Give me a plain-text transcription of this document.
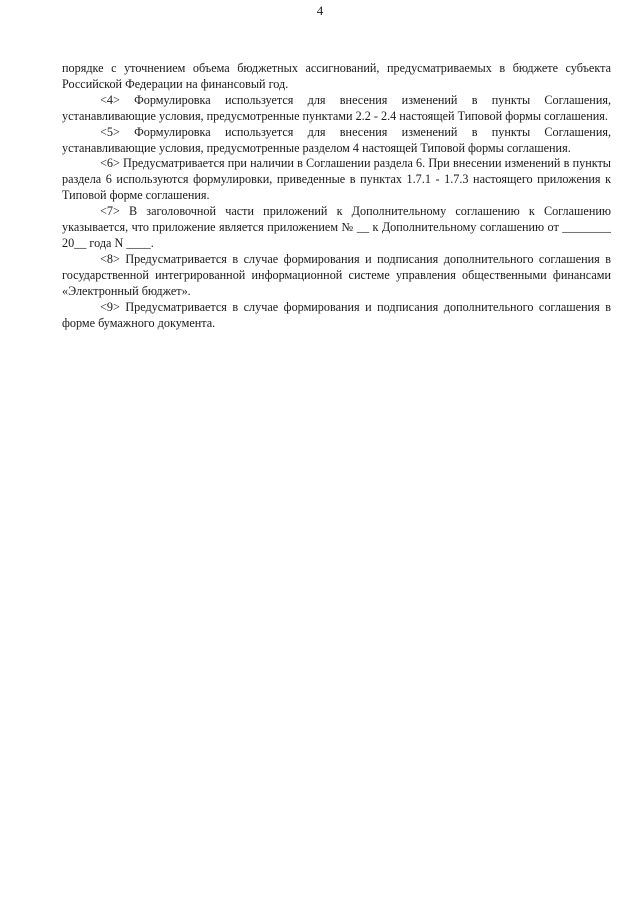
4

порядке с уточнением объема бюджетных ассигнований, предусматриваемых в бюджете субъекта Российской Федерации на финансовый год.

<4> Формулировка используется для внесения изменений в пункты Соглашения, устанавливающие условия, предусмотренные пунктами 2.2 - 2.4 настоящей Типовой формы соглашения.

<5> Формулировка используется для внесения изменений в пункты Соглашения, устанавливающие условия, предусмотренные разделом 4 настоящей Типовой формы соглашения.

<6> Предусматривается при наличии в Соглашении раздела 6. При внесении изменений в пункты раздела 6 используются формулировки, приведенные в пунктах 1.7.1 - 1.7.3 настоящего приложения к Типовой форме соглашения.

<7> В заголовочной части приложений к Дополнительному соглашению к Соглашению указывается, что приложение является приложением № __ к Дополнительному соглашению от ________ 20__ года N ____.

<8> Предусматривается в случае формирования и подписания дополнительного соглашения в государственной интегрированной информационной системе управления общественными финансами «Электронный бюджет».

<9> Предусматривается в случае формирования и подписания дополнительного соглашения в форме бумажного документа.
